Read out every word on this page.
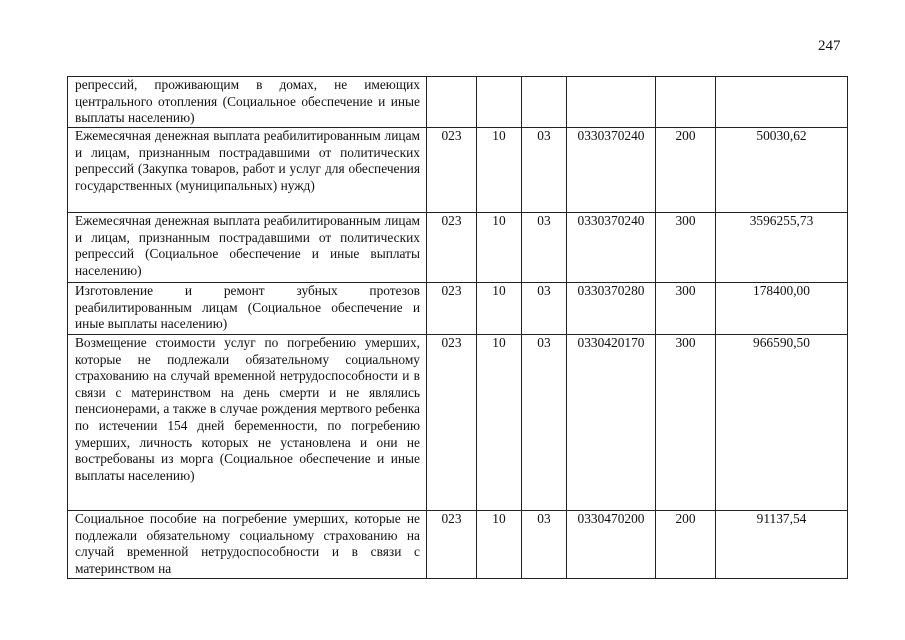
247
репрессий, проживающим в домах, не имеющих центрального отопления (Социальное обеспечение и иные выплаты населению)						
Ежемесячная денежная выплата реабилитированным лицам и лицам, признанным пострадавшими от политических репрессий (Закупка товаров, работ и услуг для обеспечения государственных (муниципальных) нужд)	023	10	03	0330370240	200	50030,62
Ежемесячная денежная выплата реабилитированным лицам и лицам, признанным пострадавшими от политических репрессий (Социальное обеспечение и иные выплаты населению)	023	10	03	0330370240	300	3596255,73
Изготовление и ремонт зубных протезов реабилитированным лицам (Социальное обеспечение и иные выплаты населению)	023	10	03	0330370280	300	178400,00
Возмещение стоимости услуг по погребению умерших, которые не подлежали обязательному социальному страхованию на случай временной нетрудоспособности и в связи с материнством на день смерти и не являлись пенсионерами, а также в случае рождения мертвого ребенка по истечении 154 дней беременности, по погребению умерших, личность которых не установлена и они не востребованы из морга (Социальное обеспечение и иные выплаты населению)	023	10	03	0330420170	300	966590,50
Социальное пособие на погребение умерших, которые не подлежали обязательному социальному страхованию на случай временной нетрудоспособности и в связи с материнством на	023	10	03	0330470200	200	91137,54
